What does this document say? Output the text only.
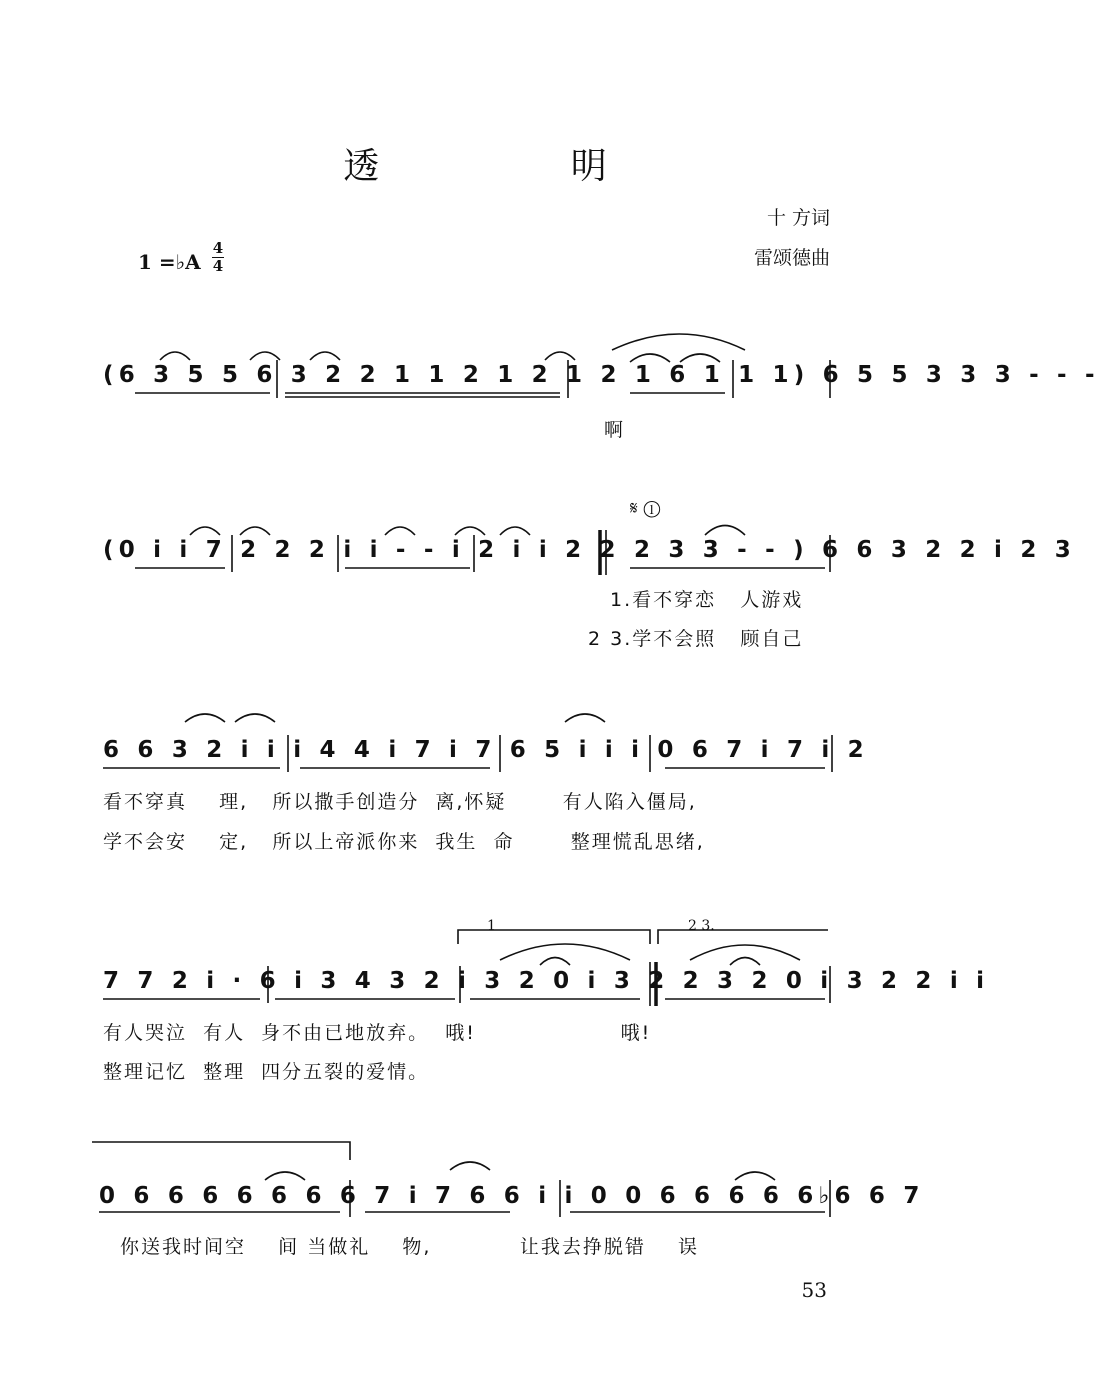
透 明
十 方词
雷颂德曲
1 =♭A
4
4
(6 3 5 5 6 3 2 2 1 1 2 1 2 1 2 1 6 1 1 1) 6 5 5 3 3 3 - - -
啊
𝄋 ①
(0 i i 7 2 2 2 i i - - i 2 i i 2 2 2 3 3 - - ) 6 6 3 2 2 i 2 3
1.看不穿恋   人游戏
2 3.学不会照   顾自己
6 6 3 2 i i i 4 4 i 7 i 7 6 5 i i i 0 6 7 i 7 i 2
看不穿真    理,   所以撒手创造分  离,怀疑       有人陷入僵局,
学不会安    定,   所以上帝派你来  我生  命       整理慌乱思绪,
1	2 3.
7 7 2 i · 6 i 3 4 3 2 i 3 2 0 i 3 2 2 3 2 0 i 3 2 2 i i
有人哭泣  有人  身不由已地放弃。  哦!                  哦!
整理记忆  整理  四分五裂的爱情。
0 6 6 6 6 6 6 6 7 i 7 6 6 i i 0 0 6 6 6 6 6♭6 6 7
你送我时间空    间 当做礼    物,           让我去挣脱错    误
53
